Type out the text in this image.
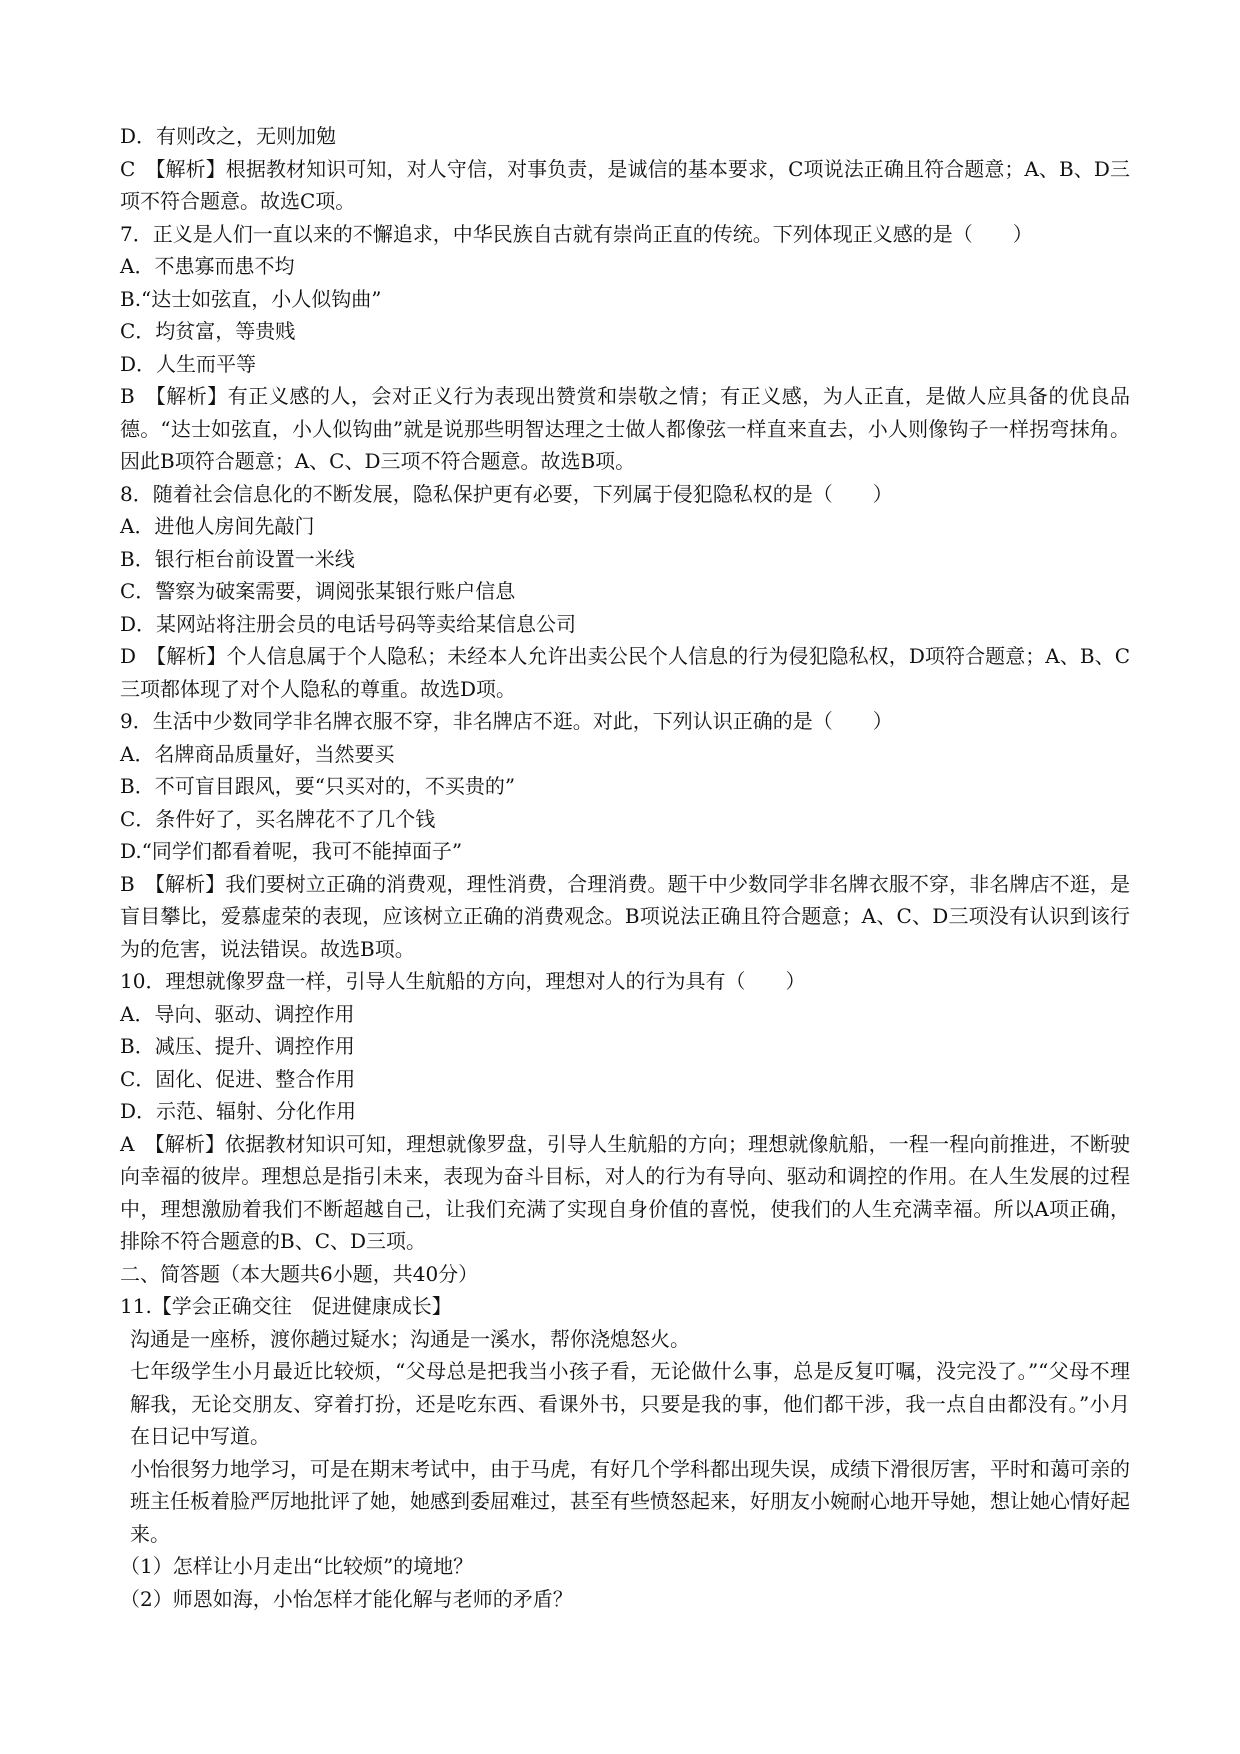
D．有则改之，无则加勉

C　【解析】根据教材知识可知，对人守信，对事负责，是诚信的基本要求，C项说法正确且符合题意；A、B、D三项不符合题意。故选C项。

7．正义是人们一直以来的不懈追求，中华民族自古就有崇尚正直的传统。下列体现正义感的是（　　）

A．不患寡而患不均

B.“达士如弦直，小人似钩曲”

C．均贫富，等贵贱

D．人生而平等

B　【解析】有正义感的人，会对正义行为表现出赞赏和崇敬之情；有正义感，为人正直，是做人应具备的优良品德。“达士如弦直，小人似钩曲”就是说那些明智达理之士做人都像弦一样直来直去，小人则像钩子一样拐弯抹角。 因此B项符合题意；A、C、D三项不符合题意。故选B项。

8．随着社会信息化的不断发展，隐私保护更有必要，下列属于侵犯隐私权的是（　　）

A．进他人房间先敲门

B．银行柜台前设置一米线

C．警察为破案需要，调阅张某银行账户信息

D．某网站将注册会员的电话号码等卖给某信息公司

D　【解析】个人信息属于个人隐私；未经本人允许出卖公民个人信息的行为侵犯隐私权，D项符合题意；A、B、C三项都体现了对个人隐私的尊重。故选D项。

9．生活中少数同学非名牌衣服不穿，非名牌店不逛。对此，下列认识正确的是（　　）

A．名牌商品质量好，当然要买

B．不可盲目跟风，要“只买对的，不买贵的”

C．条件好了，买名牌花不了几个钱

D.“同学们都看着呢，我可不能掉面子”

B　【解析】我们要树立正确的消费观，理性消费，合理消费。题干中少数同学非名牌衣服不穿，非名牌店不逛，是盲目攀比，爱慕虚荣的表现，应该树立正确的消费观念。B项说法正确且符合题意；A、C、D三项没有认识到该行为的危害，说法错误。故选B项。

10．理想就像罗盘一样，引导人生航船的方向，理想对人的行为具有（　　）

A．导向、驱动、调控作用

B．减压、提升、调控作用

C．固化、促进、整合作用

D．示范、辐射、分化作用

A　【解析】依据教材知识可知，理想就像罗盘，引导人生航船的方向；理想就像航船，一程一程向前推进，不断驶向幸福的彼岸。理想总是指引未来，表现为奋斗目标，对人的行为有导向、驱动和调控的作用。在人生发展的过程中，理想激励着我们不断超越自己，让我们充满了实现自身价值的喜悦，使我们的人生充满幸福。所以A项正确，排除不符合题意的B、C、D三项。

二、简答题（本大题共6小题，共40分）

11.【学会正确交往　促进健康成长】

沟通是一座桥，渡你趟过疑水；沟通是一溪水，帮你浇熄怒火。

七年级学生小月最近比较烦，“父母总是把我当小孩子看，无论做什么事，总是反复叮嘱，没完没了。”“父母不理解我，无论交朋友、穿着打扮，还是吃东西、看课外书，只要是我的事，他们都干涉，我一点自由都没有。”小月在日记中写道。

小怡很努力地学习，可是在期末考试中，由于马虎，有好几个学科都出现失误，成绩下滑很厉害，平时和蔼可亲的班主任板着脸严厉地批评了她，她感到委屈难过，甚至有些愤怒起来，好朋友小婉耐心地开导她，想让她心情好起来。

（1）怎样让小月走出“比较烦”的境地？

（2）师恩如海，小怡怎样才能化解与老师的矛盾？
